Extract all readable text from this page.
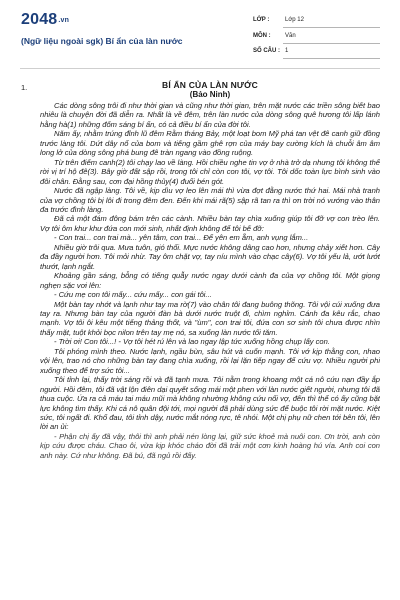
$2048^{.vn}$
(Ngữ liệu ngoài sgk) Bí ẩn của làn nước
LỚP :	Lớp 12
MÔN : Văn
SỐ CÂU : 1
1.	BÍ ẨN CỦA LÀN NƯỚC
(Bảo Ninh)

Các dòng sông trôi đi như thời gian và cũng như thời gian, trên mặt nước các triền sông biết bao nhiêu là chuyện đời đã diễn ra. Nhất là về đêm, trên làn nước của dòng sông quê hương tôi lấp lánh hằng hà(1) những đốm sáng bí ẩn, có cả điều bí ẩn của đời tôi.

Năm ấy, nhằm trúng đỉnh lũ đêm Rằm tháng Bảy, một loạt bom Mỹ phá tan vệt đê canh giữ đồng trước làng tôi. Dứt dây nổ của bom và tiếng gầm ghê rợn của máy bay cường kích là chuỗi âm âm long lở của dòng sông phá bung đê tràn ngang vào đồng ruộng.

Từ trên điếm canh(2) tôi chạy lao về làng. Hồi chiều nghe tin vợ ở nhà trở dạ nhưng tôi không thể rời vị trí hộ đê(3). Bây giờ đất sập rồi, trong tôi chỉ còn con tôi, vợ tôi. Tôi dốc toàn lực bình sinh vào đôi chân. Đằng sau, cơn đại hồng thủy(4) đuổi bén gót.

Nước đã ngập làng. Tôi về, kịp dìu vợ leo lên mái thì vừa đợt đằng nước thứ hai. Mái nhà tranh của vợ chồng tôi bị lôi đi trong đêm đen. Đến khi mái rã(5) sập rã tan ra thì ơn trời nó vướng vào thân đa trước đình làng.

Đã cả một đám đông bám trên các cành. Nhiều bàn tay chìa xuống giúp tôi đỡ vợ con trèo lên. Vợ tôi ôm khư khư đứa con mới sinh, nhất định không để tôi bế đỡ:

- Con trai... con trai mà... yên tâm, con trai... Để yên em ẵm, anh vụng lắm...

Nhiều giờ trôi qua. Mưa tuôn, gió thổi. Mực nước không dâng cao hơn, nhưng chảy xiết hơn. Cây đa đầy người hơn. Tôi mỏi nhừ. Tay ôm chặt vợ, tay níu mình vào chạc cây(6). Vợ tôi yếu lả, ướt lướt thướt, lạnh ngắt.

Khoảng gần sáng, bỗng có tiếng quẫy nước ngay dưới cành đa của vợ chồng tôi. Một giọng nghẹn sặc vơi lên:

- Cứu mẹ con tôi mấy... cứu mấy... con gái tôi...

Một bàn tay nhớt và lạnh như tay ma rờ(7) vào chân tôi đang buông thõng. Tôi vội cúi xuống đưa tay ra. Nhưng bàn tay của người đàn bà dưới nước truột đi, chìm nghỉm. Cánh đa kêu rắc, chao mạnh. Vợ tôi ôi kêu một tiếng thảng thốt, và "ùm", con trai tôi, đứa con sơ sinh tôi chưa được nhìn thấy mặt, tuột khỏi bọc nilon trên tay mẹ nó, sa xuống làn nước tối tăm.

- Trời ơi! Con tôi...! - Vợ tôi hét rú lên và lao ngay lập tức xuống hồng chụp lấy con.

Tôi phóng mình theo. Nước lạnh, ngầu bùn, sâu hút và cuốn mạnh. Tôi vớ kịp thằng con, nhao vội lên, trao nó cho những bàn tay đang chìa xuống, rồi lại lặn tiếp ngay để cứu vợ. Nhiều người phi xuống theo để trợ sức tôi...

Tôi tỉnh lại, thấy trời sáng rồi và đã tạnh mưa. Tôi nằm trong khoang một cá nô cứu nạn đầy ắp người. Hồi đêm, tôi đã vật lộn điên dại quyết sống mái một phen với làn nước giết người, nhưng tôi đã thua cuộc. Ứa ra cả máu tai máu mũi mà không nhường không cứu nổi vợ, đến thì thể có ấy cũng bặt lực không tìm thấy. Khi cá nô quân đội tới, mọi người đã phải dùng sức để buộc tôi rời mặt nước. Kiệt sức, tôi ngất đi. Khổ đau, tôi tỉnh dậy, nước mắt nóng rực, tê nhói. Một chị phụ nữ chen tới bên tôi, lên lời an ủi:

- Phận chị ấy đã vậy, thôi thì anh phải nén lòng lại, giữ sức khoẻ mà nuôi con. Ơn trời, anh còn kịp cứu được cháu. Chao ôi, vừa kịp khóc cháo đời đã trải một cơn kinh hoàng hú vía. Anh coi con anh này. Cứ như không. Đã bú, đã ngủ rồi đấy.
